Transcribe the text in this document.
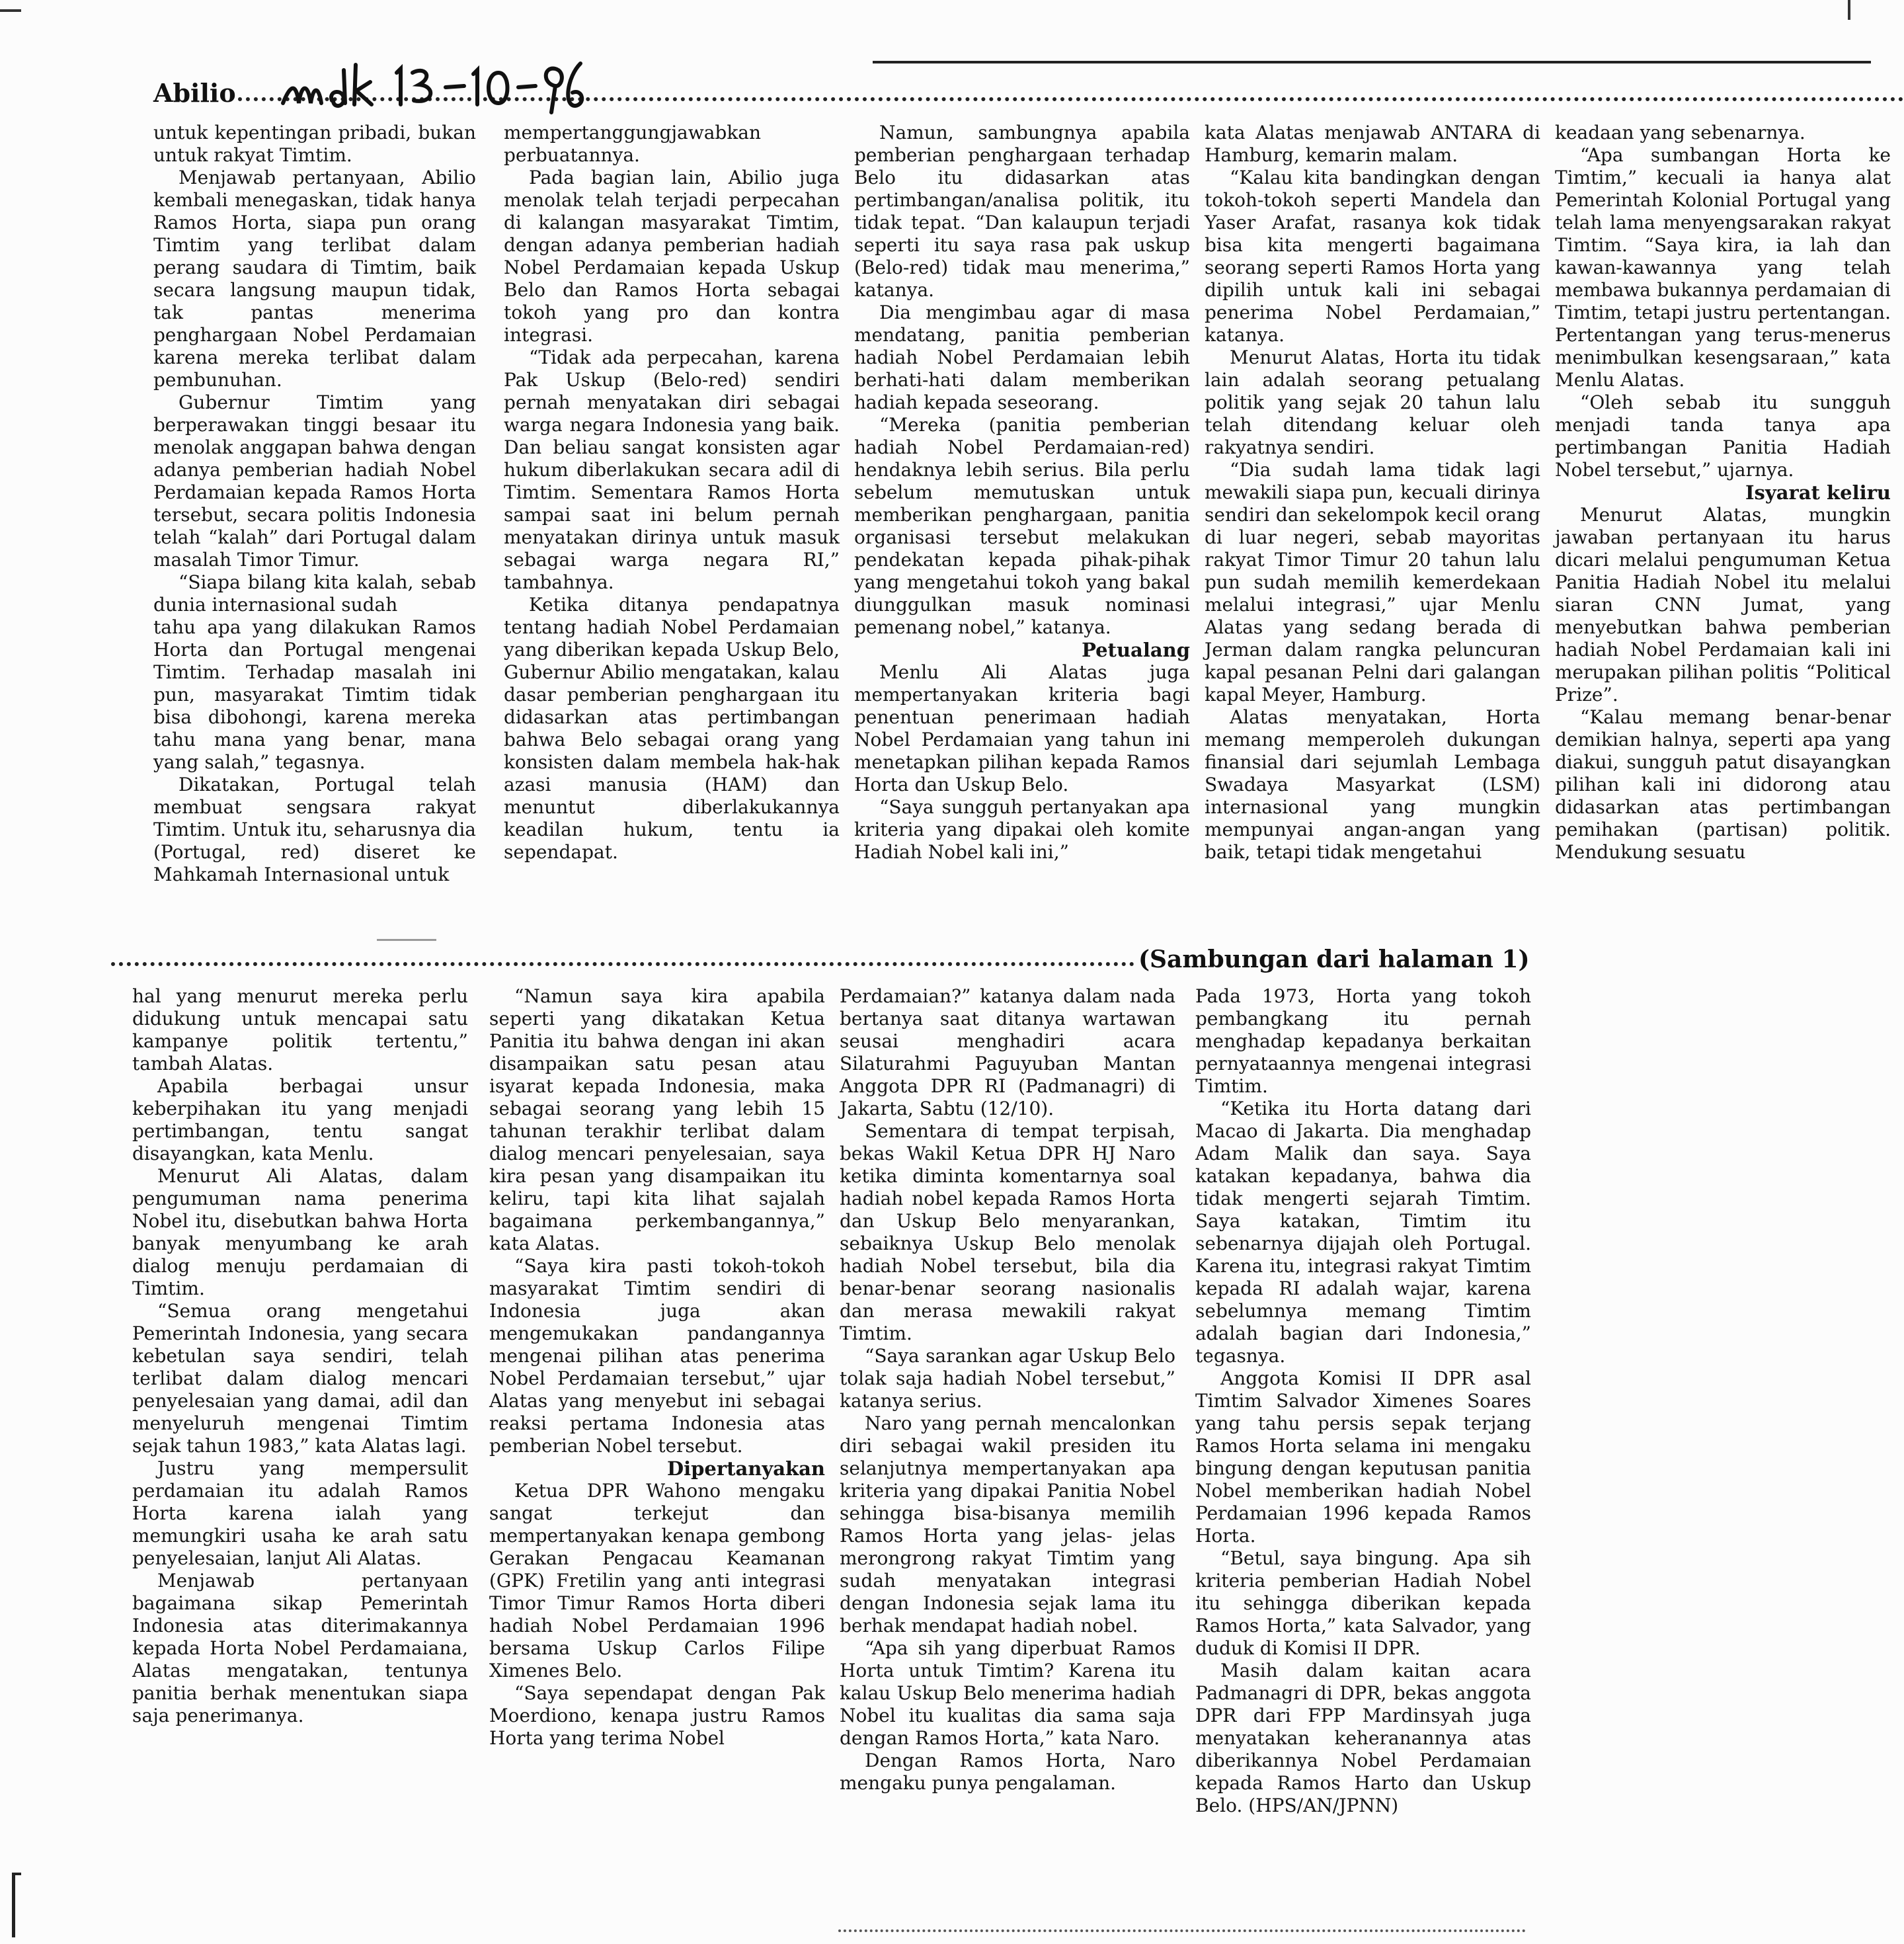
Abilio

untuk kepentingan pribadi, bukan untuk rakyat Timtim.

Menjawab pertanyaan, Abilio kembali menegaskan, tidak hanya Ramos Horta, siapa pun orang Timtim yang terlibat dalam perang saudara di Timtim, baik secara langsung maupun tidak, tak pantas menerima penghargaan Nobel Perdamaian karena mereka terlibat dalam pembunuhan.

Gubernur Timtim yang berperawakan tinggi besaar itu menolak anggapan bahwa dengan adanya pemberian hadiah Nobel Perdamaian kepada Ramos Horta tersebut, secara politis Indonesia telah “kalah” dari Portugal dalam masalah Timor Timur.

“Siapa bilang kita kalah, sebab dunia internasional sudah

tahu apa yang dilakukan Ramos Horta dan Portugal mengenai Timtim. Terhadap masalah ini pun, masyarakat Timtim tidak bisa dibohongi, karena mereka tahu mana yang benar, mana yang salah,” tegasnya.

Dikatakan, Portugal telah membuat sengsara rakyat Timtim. Untuk itu, seharusnya dia (Portugal, red) diseret ke Mahkamah Internasional untuk

mempertanggungjawabkan perbuatannya.

Pada bagian lain, Abilio juga menolak telah terjadi perpecahan di kalangan masyarakat Timtim, dengan adanya pemberian hadiah Nobel Perdamaian kepada Uskup Belo dan Ramos Horta sebagai tokoh yang pro dan kontra integrasi.

“Tidak ada perpecahan, karena Pak Uskup (Belo-red) sendiri pernah menyatakan diri sebagai warga negara Indonesia yang baik. Dan beliau sangat konsisten agar hukum diberlakukan secara adil di Timtim. Sementara Ramos Horta sampai saat ini belum pernah menyatakan dirinya untuk masuk sebagai warga negara RI,” tambahnya.

Ketika ditanya pendapatnya tentang hadiah Nobel Perdamaian yang diberikan kepada Uskup Belo, Gubernur Abilio mengatakan, kalau dasar pemberian penghargaan itu didasarkan atas pertimbangan bahwa Belo sebagai orang yang konsisten dalam membela hak-hak azasi manusia (HAM) dan menuntut diberlakukannya keadilan hukum, tentu ia sependapat.

Namun, sambungnya apabila pemberian penghargaan terhadap Belo itu didasarkan atas pertimbangan/analisa politik, itu tidak tepat. “Dan kalaupun terjadi seperti itu saya rasa pak uskup (Belo-red) tidak mau menerima,” katanya.

Dia mengimbau agar di masa mendatang, panitia pemberian hadiah Nobel Perdamaian lebih berhati-hati dalam memberikan hadiah kepada seseorang.

“Mereka (panitia pemberian hadiah Nobel Perdamaian-red) hendaknya lebih serius. Bila perlu sebelum memutuskan untuk memberikan penghargaan, panitia organisasi tersebut melakukan pendekatan kepada pihak-pihak yang mengetahui tokoh yang bakal diunggulkan masuk nominasi pemenang nobel,” katanya.

Petualang

Menlu Ali Alatas juga mempertanyakan kriteria bagi penentuan penerimaan hadiah Nobel Perdamaian yang tahun ini menetapkan pilihan kepada Ramos Horta dan Uskup Belo.

“Saya sungguh pertanyakan apa kriteria yang dipakai oleh komite Hadiah Nobel kali ini,”

kata Alatas menjawab ANTARA di Hamburg, kemarin malam.

“Kalau kita bandingkan dengan tokoh-tokoh seperti Mandela dan Yaser Arafat, rasanya kok tidak bisa kita mengerti bagaimana seorang seperti Ramos Horta yang dipilih untuk kali ini sebagai penerima Nobel Perdamaian,” katanya.

Menurut Alatas, Horta itu tidak lain adalah seorang petualang politik yang sejak 20 tahun lalu telah ditendang keluar oleh rakyatnya sendiri.

“Dia sudah lama tidak lagi mewakili siapa pun, kecuali dirinya sendiri dan sekelompok kecil orang di luar negeri, sebab mayoritas rakyat Timor Timur 20 tahun lalu pun sudah memilih kemerdekaan melalui integrasi,” ujar Menlu Alatas yang sedang berada di Jerman dalam rangka peluncuran kapal pesanan Pelni dari galangan kapal Meyer, Hamburg.

Alatas menyatakan, Horta memang memperoleh dukungan finansial dari sejumlah Lembaga Swadaya Masyarkat (LSM) internasional yang mungkin mempunyai angan-angan yang baik, tetapi tidak mengetahui

keadaan yang sebenarnya.

“Apa sumbangan Horta ke Timtim,” kecuali ia hanya alat Pemerintah Kolonial Portugal yang telah lama menyengsarakan rakyat Timtim. “Saya kira, ia lah dan kawan-kawannya yang telah membawa bukannya perdamaian di Timtim, tetapi justru pertentangan. Pertentangan yang terus-menerus menimbulkan kesengsaraan,” kata Menlu Alatas.

“Oleh sebab itu sungguh menjadi tanda tanya apa pertimbangan Panitia Hadiah Nobel tersebut,” ujarnya.

Isyarat keliru

Menurut Alatas, mungkin jawaban pertanyaan itu harus dicari melalui pengumuman Ketua Panitia Hadiah Nobel itu melalui siaran CNN Jumat, yang menyebutkan bahwa pemberian hadiah Nobel Perdamaian kali ini merupakan pilihan politis “Political Prize”.

“Kalau memang benar-benar demikian halnya, seperti apa yang diakui, sungguh patut disayangkan pilihan kali ini didorong atau didasarkan atas pertimbangan pemihakan (partisan) politik. Mendukung sesuatu

(Sambungan dari halaman 1)

hal yang menurut mereka perlu didukung untuk mencapai satu kampanye politik tertentu,” tambah Alatas.

Apabila berbagai unsur keberpihakan itu yang menjadi pertimbangan, tentu sangat disayangkan, kata Menlu.

Menurut Ali Alatas, dalam pengumuman nama penerima Nobel itu, disebutkan bahwa Horta banyak menyumbang ke arah dialog menuju perdamaian di Timtim.

“Semua orang mengetahui Pemerintah Indonesia, yang secara kebetulan saya sendiri, telah terlibat dalam dialog mencari penyelesaian yang damai, adil dan menyeluruh mengenai Timtim sejak tahun 1983,” kata Alatas lagi.

Justru yang mempersulit perdamaian itu adalah Ramos Horta karena ialah yang memungkiri usaha ke arah satu penyelesaian, lanjut Ali Alatas.

Menjawab pertanyaan bagaimana sikap Pemerintah Indonesia atas diterimakannya kepada Horta Nobel Perdamaiana, Alatas mengatakan, tentunya panitia berhak menentukan siapa saja penerimanya.

“Namun saya kira apabila seperti yang dikatakan Ketua Panitia itu bahwa dengan ini akan disampaikan satu pesan atau isyarat kepada Indonesia, maka sebagai seorang yang lebih 15 tahunan terakhir terlibat dalam dialog mencari penyelesaian, saya kira pesan yang disampaikan itu keliru, tapi kita lihat sajalah bagaimana perkembangannya,” kata Alatas.

“Saya kira pasti tokoh-tokoh masyarakat Timtim sendiri di Indonesia juga akan mengemukakan pandangannya mengenai pilihan atas penerima Nobel Perdamaian tersebut,” ujar Alatas yang menyebut ini sebagai reaksi pertama Indonesia atas pemberian Nobel tersebut.

Dipertanyakan

Ketua DPR Wahono mengaku sangat terkejut dan mempertanyakan kenapa gembong Gerakan Pengacau Keamanan (GPK) Fretilin yang anti integrasi Timor Timur Ramos Horta diberi hadiah Nobel Perdamaian 1996 bersama Uskup Carlos Filipe Ximenes Belo.

“Saya sependapat dengan Pak Moerdiono, kenapa justru Ramos Horta yang terima Nobel

Perdamaian?” katanya dalam nada bertanya saat ditanya wartawan seusai menghadiri acara Silaturahmi Paguyuban Mantan Anggota DPR RI (Padmanagri) di Jakarta, Sabtu (12/10).

Sementara di tempat terpisah, bekas Wakil Ketua DPR HJ Naro ketika diminta komentarnya soal hadiah nobel kepada Ramos Horta dan Uskup Belo menyarankan, sebaiknya Uskup Belo menolak hadiah Nobel tersebut, bila dia benar-benar seorang nasionalis dan merasa mewakili rakyat Timtim.

“Saya sarankan agar Uskup Belo tolak saja hadiah Nobel tersebut,” katanya serius.

Naro yang pernah mencalonkan diri sebagai wakil presiden itu selanjutnya mempertanyakan apa kriteria yang dipakai Panitia Nobel sehingga bisa-bisanya memilih Ramos Horta yang jelas- jelas merongrong rakyat Timtim yang sudah menyatakan integrasi dengan Indonesia sejak lama itu berhak mendapat hadiah nobel.

“Apa sih yang diperbuat Ramos Horta untuk Timtim? Karena itu kalau Uskup Belo menerima hadiah Nobel itu kualitas dia sama saja dengan Ramos Horta,” kata Naro.

Dengan Ramos Horta, Naro mengaku punya pengalaman.

Pada 1973, Horta yang tokoh pembangkang itu pernah menghadap kepadanya berkaitan pernyataannya mengenai integrasi Timtim.

“Ketika itu Horta datang dari Macao di Jakarta. Dia menghadap Adam Malik dan saya. Saya katakan kepadanya, bahwa dia tidak mengerti sejarah Timtim. Saya katakan, Timtim itu sebenarnya dijajah oleh Portugal. Karena itu, integrasi rakyat Timtim kepada RI adalah wajar, karena sebelumnya memang Timtim adalah bagian dari Indonesia,” tegasnya.

Anggota Komisi II DPR asal Timtim Salvador Ximenes Soares yang tahu persis sepak terjang Ramos Horta selama ini mengaku bingung dengan keputusan panitia Nobel memberikan hadiah Nobel Perdamaian 1996 kepada Ramos Horta.

“Betul, saya bingung. Apa sih kriteria pemberian Hadiah Nobel itu sehingga diberikan kepada Ramos Horta,” kata Salvador, yang duduk di Komisi II DPR.

Masih dalam kaitan acara Padmanagri di DPR, bekas anggota DPR dari FPP Mardinsyah juga menyatakan keheranannya atas diberikannya Nobel Perdamaian kepada Ramos Harto dan Uskup Belo. (HPS/AN/JPNN)
